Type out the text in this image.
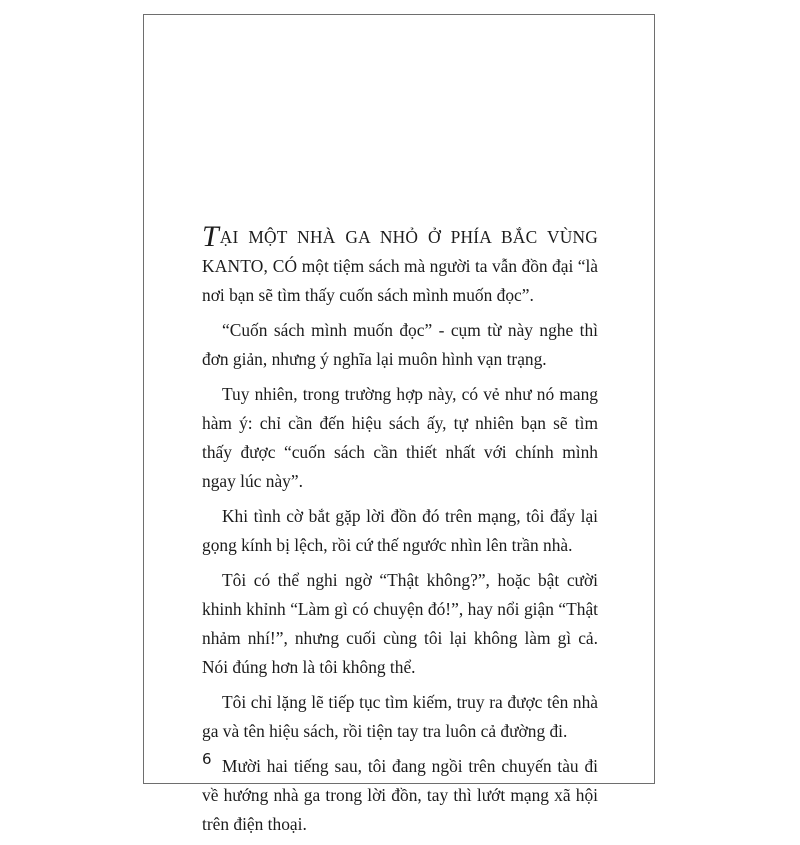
TẠI MỘT NHÀ GA NHỎ Ở PHÍA BẮC VÙNG KANTO, CÓ một tiệm sách mà người ta vẫn đồn đại “là nơi bạn sẽ tìm thấy cuốn sách mình muốn đọc”.

“Cuốn sách mình muốn đọc” - cụm từ này nghe thì đơn giản, nhưng ý nghĩa lại muôn hình vạn trạng.

Tuy nhiên, trong trường hợp này, có vẻ như nó mang hàm ý: chỉ cần đến hiệu sách ấy, tự nhiên bạn sẽ tìm thấy được “cuốn sách cần thiết nhất với chính mình ngay lúc này”.

Khi tình cờ bắt gặp lời đồn đó trên mạng, tôi đẩy lại gọng kính bị lệch, rồi cứ thế ngước nhìn lên trần nhà.

Tôi có thể nghi ngờ “Thật không?”, hoặc bật cười khinh khỉnh “Làm gì có chuyện đó!”, hay nổi giận “Thật nhảm nhí!”, nhưng cuối cùng tôi lại không làm gì cả. Nói đúng hơn là tôi không thể.

Tôi chỉ lặng lẽ tiếp tục tìm kiếm, truy ra được tên nhà ga và tên hiệu sách, rồi tiện tay tra luôn cả đường đi.

Mười hai tiếng sau, tôi đang ngồi trên chuyến tàu đi về hướng nhà ga trong lời đồn, tay thì lướt mạng xã hội trên điện thoại.

6
